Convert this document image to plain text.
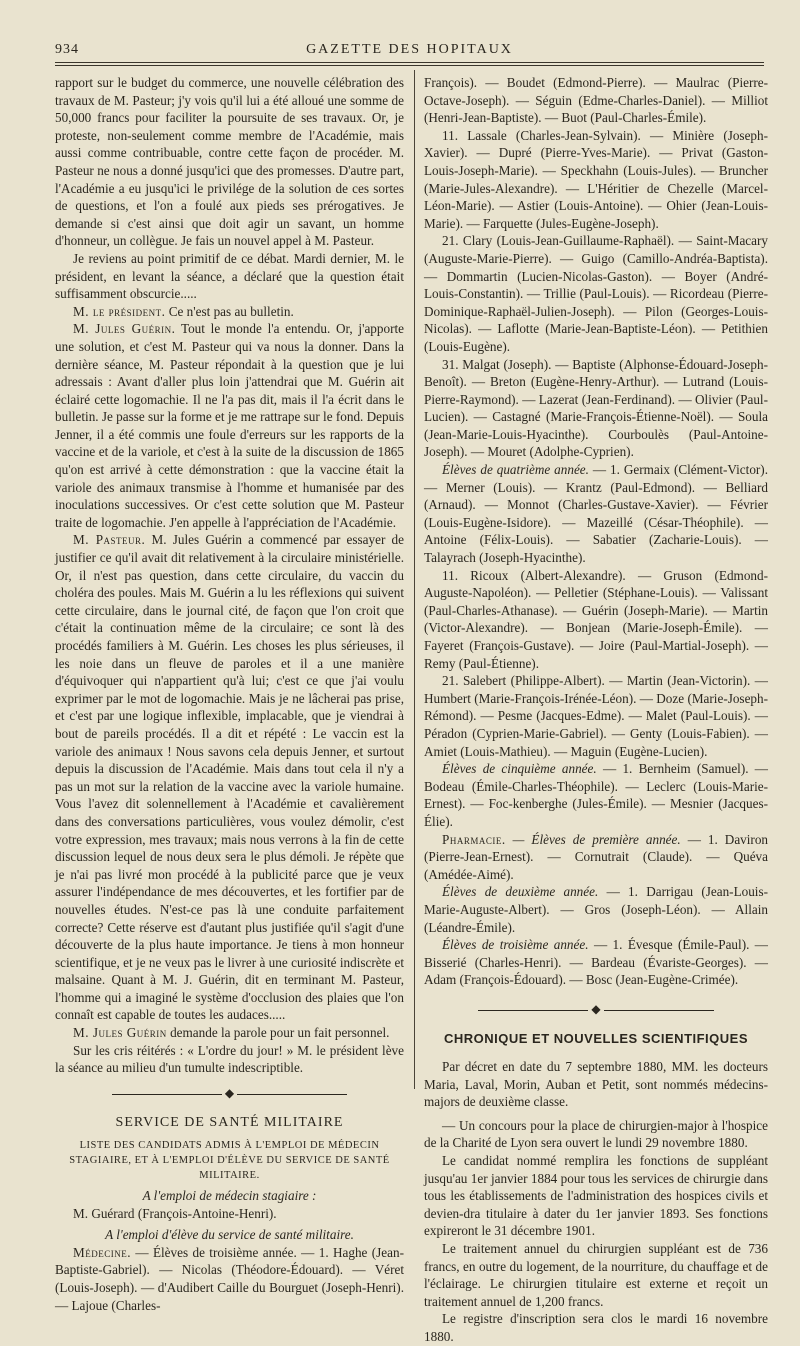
934	GAZETTE DES HOPITAUX

rapport sur le budget du commerce, une nouvelle célébration des travaux de M. Pasteur; j'y vois qu'il lui a été alloué une somme de 50,000 francs pour faciliter la poursuite de ses travaux. Or, je proteste, non-seulement comme membre de l'Académie, mais aussi comme contribuable, contre cette façon de procéder. M. Pasteur ne nous a donné jusqu'ici que des promesses. D'autre part, l'Académie a eu jusqu'ici le privilége de la solution de ces sortes de questions, et l'on a foulé aux pieds ses prérogatives. Je demande si c'est ainsi que doit agir un savant, un homme d'honneur, un collègue. Je fais un nouvel appel à M. Pasteur.

Je reviens au point primitif de ce débat. Mardi dernier, M. le président, en levant la séance, a déclaré que la question était suffisamment obscurcie.....

M. le président. Ce n'est pas au bulletin.

M. Jules Guérin. Tout le monde l'a entendu. Or, j'apporte une solution, et c'est M. Pasteur qui va nous la donner. Dans la dernière séance, M. Pasteur répondait à la question que je lui adressais : Avant d'aller plus loin j'attendrai que M. Guérin ait éclairé cette logomachie. Il ne l'a pas dit, mais il l'a écrit dans le bulletin. Je passe sur la forme et je me rattrape sur le fond. Depuis Jenner, il a été commis une foule d'erreurs sur les rapports de la vaccine et de la variole, et c'est à la suite de la discussion de 1865 qu'on est arrivé à cette démonstration : que la vaccine était la variole des animaux transmise à l'homme et humanisée par des inoculations successives. Or c'est cette solution que M. Pasteur traite de logomachie. J'en appelle à l'appréciation de l'Académie.

M. Pasteur. M. Jules Guérin a commencé par essayer de justifier ce qu'il avait dit relativement à la circulaire ministérielle. Or, il n'est pas question, dans cette circulaire, du vaccin du choléra des poules. Mais M. Guérin a lu les réflexions qui suivent cette circulaire, dans le journal cité, de façon que l'on croit que c'était la continuation même de la circulaire; ce sont là des procédés familiers à M. Guérin. Les choses les plus sérieuses, il les noie dans un fleuve de paroles et il a une manière d'équivoquer qui n'appartient qu'à lui; c'est ce que j'ai voulu exprimer par le mot de logomachie. Mais je ne lâcherai pas prise, et c'est par une logique inflexible, implacable, que je viendrai à bout de pareils procédés. Il a dit et répété : Le vaccin est la variole des animaux ! Nous savons cela depuis Jenner, et surtout depuis la discussion de l'Académie. Mais dans tout cela il n'y a pas un mot sur la relation de la vaccine avec la variole humaine. Vous l'avez dit solennellement à l'Académie et cavalièrement dans des conversations particulières, vous voulez démolir, c'est votre expression, mes travaux; mais nous verrons à la fin de cette discussion lequel de nous deux sera le plus démoli. Je répète que je n'ai pas livré mon procédé à la publicité parce que je veux assurer l'indépendance de mes découvertes, et les fortifier par de nouvelles études. N'est-ce pas là une conduite parfaitement correcte? Cette réserve est d'autant plus justifiée qu'il s'agit d'une découverte de la plus haute importance. Je tiens à mon honneur scientifique, et je ne veux pas le livrer à une curiosité indiscrète et malsaine. Quant à M. J. Guérin, dit en terminant M. Pasteur, l'homme qui a imaginé le système d'occlusion des plaies que l'on connaît est capable de toutes les audaces.....

M. Jules Guérin demande la parole pour un fait personnel.

Sur les cris réitérés : « L'ordre du jour! » M. le président lève la séance au milieu d'un tumulte indescriptible.

◆
SERVICE DE SANTÉ MILITAIRE
LISTE DES CANDIDATS ADMIS À L'EMPLOI DE MÉDECIN STAGIAIRE, ET À L'EMPLOI D'ÉLÈVE DU SERVICE DE SANTÉ MILITAIRE.

A l'emploi de médecin stagiaire :

M. Guérard (François-Antoine-Henri).

A l'emploi d'élève du service de santé militaire.

Médecine. — Élèves de troisième année. — 1. Haghe (Jean-Baptiste-Gabriel). — Nicolas (Théodore-Édouard). — Véret (Louis-Joseph). — d'Audibert Caille du Bourguet (Joseph-Henri). — Lajoue (Charles-

François). — Boudet (Edmond-Pierre). — Maulrac (Pierre-Octave-Joseph). — Séguin (Edme-Charles-Daniel). — Milliot (Henri-Jean-Baptiste). — Buot (Paul-Charles-Émile).

11. Lassale (Charles-Jean-Sylvain). — Minière (Joseph-Xavier). — Dupré (Pierre-Yves-Marie). — Privat (Gaston-Louis-Joseph-Marie). — Speckhahn (Louis-Jules). — Bruncher (Marie-Jules-Alexandre). — L'Héritier de Chezelle (Marcel-Léon-Marie). — Astier (Louis-Antoine). — Ohier (Jean-Louis-Marie). — Farquette (Jules-Eugène-Joseph).

21. Clary (Louis-Jean-Guillaume-Raphaël). — Saint-Macary (Auguste-Marie-Pierre). — Guigo (Camillo-Andréa-Baptista). — Dommartin (Lucien-Nicolas-Gaston). — Boyer (André-Louis-Constantin). — Trillie (Paul-Louis). — Ricordeau (Pierre-Dominique-Raphaël-Julien-Joseph). — Pilon (Georges-Louis-Nicolas). — Laflotte (Marie-Jean-Baptiste-Léon). — Petithien (Louis-Eugène).

31. Malgat (Joseph). — Baptiste (Alphonse-Édouard-Joseph-Benoît). — Breton (Eugène-Henry-Arthur). — Lutrand (Louis-Pierre-Raymond). — Lazerat (Jean-Ferdinand). — Olivier (Paul-Lucien). — Castagné (Marie-François-Étienne-Noël). — Soula (Jean-Marie-Louis-Hyacinthe). Courboulès (Paul-Antoine-Joseph). — Mouret (Adolphe-Cyprien).

Élèves de quatrième année. — 1. Germaix (Clément-Victor). — Merner (Louis). — Krantz (Paul-Edmond). — Belliard (Arnaud). — Monnot (Charles-Gustave-Xavier). — Février (Louis-Eugène-Isidore). — Mazeillé (César-Théophile). — Antoine (Félix-Louis). — Sabatier (Zacharie-Louis). — Talayrach (Joseph-Hyacinthe).

11. Ricoux (Albert-Alexandre). — Gruson (Edmond-Auguste-Napoléon). — Pelletier (Stéphane-Louis). — Valissant (Paul-Charles-Athanase). — Guérin (Joseph-Marie). — Martin (Victor-Alexandre). — Bonjean (Marie-Joseph-Émile). — Fayeret (François-Gustave). — Joire (Paul-Martial-Joseph). — Remy (Paul-Étienne).

21. Salebert (Philippe-Albert). — Martin (Jean-Victorin). — Humbert (Marie-François-Irénée-Léon). — Doze (Marie-Joseph-Rémond). — Pesme (Jacques-Edme). — Malet (Paul-Louis). — Péradon (Cyprien-Marie-Gabriel). — Genty (Louis-Fabien). — Amiet (Louis-Mathieu). — Maguin (Eugène-Lucien).

Élèves de cinquième année. — 1. Bernheim (Samuel). — Bodeau (Émile-Charles-Théophile). — Leclerc (Louis-Marie-Ernest). — Foc-kenberghe (Jules-Émile). — Mesnier (Jacques-Élie).

Pharmacie. — Élèves de première année. — 1. Daviron (Pierre-Jean-Ernest). — Cornutrait (Claude). — Quéva (Amédée-Aimé).

Élèves de deuxième année. — 1. Darrigau (Jean-Louis-Marie-Auguste-Albert). — Gros (Joseph-Léon). — Allain (Léandre-Émile).

Élèves de troisième année. — 1. Évesque (Émile-Paul). — Bisserié (Charles-Henri). — Bardeau (Évariste-Georges). — Adam (François-Édouard). — Bosc (Jean-Eugène-Crimée).

◆
CHRONIQUE ET NOUVELLES SCIENTIFIQUES

Par décret en date du 7 septembre 1880, MM. les docteurs Maria, Laval, Morin, Auban et Petit, sont nommés médecins-majors de deuxième classe.

— Un concours pour la place de chirurgien-major à l'hospice de la Charité de Lyon sera ouvert le lundi 29 novembre 1880.

Le candidat nommé remplira les fonctions de suppléant jusqu'au 1er janvier 1884 pour tous les services de chirurgie dans tous les établissements de l'administration des hospices civils et devien-dra titulaire à dater du 1er janvier 1893. Ses fonctions expireront le 31 décembre 1901.

Le traitement annuel du chirurgien suppléant est de 736 francs, en outre du logement, de la nourriture, du chauffage et de l'éclairage. Le chirurgien titulaire est externe et reçoit un traitement annuel de 1,200 francs.

Le registre d'inscription sera clos le mardi 16 novembre 1880.
